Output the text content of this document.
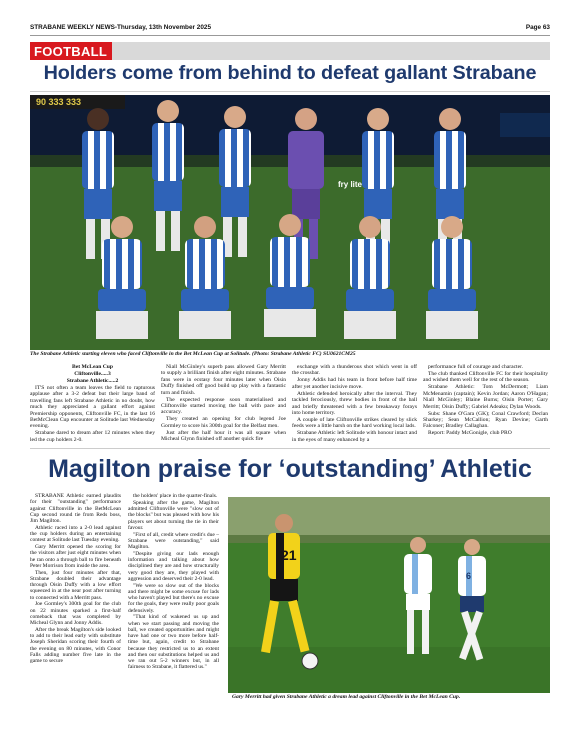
STRABANE WEEKLY NEWS-Thursday, 13th November 2025	Page 63
FOOTBALL
Holders come from behind to defeat gallant Strabane
90 333 333
fry lite
The Strabane Athletic starting eleven who faced Cliftonville in the Bet McLean Cup at Solitude. (Photo: Strabane Athletic FC) SU0621CM25

Bet McLean Cup

Cliftonville.....3

Strabane Athletic.....2

IT'S not often a team leaves the field to rapturous applause after a 3-2 defeat but their large band of travelling fans left Strabane Athletic in no doubt, how much they appreciated a gallant effort against Premiership opponents, Cliftonville FC, in the last 16 BetMcClean Cup encounter at Solitude last Wednesday evening.

Strabane dared to dream after 12 minutes when they led the cup holders 2-0.

Niall McGinley's superb pass allowed Gary Merritt to supply a brilliant finish after eight minutes. Strabane fans were in ecstasy four minutes later when Oisin Duffy finished off good build up play with a fantastic turn and finish.

The expected response soon materialised and Cliftonville started moving the ball with pace and accuracy.

They created an opening for club legend Joe Gormley to score his 300th goal for the Belfast men.

Just after the half hour it was all square when Micheal Glynn finished off another quick fire

exchange with a thunderous shot which went in off the crossbar.

Jonny Addis had his team in front before half time after yet another incisive move.

Athletic defended heroically after the interval. They tackled ferociously, threw bodies in front of the ball and briefly threatened with a few breakaway forays into home territory.

A couple of late Cliftonville strikes cleared by slick feeds were a little harsh on the hard working local lads.

Strabane Athletic left Solitude with honour intact and in the eyes of many enhanced by a

performance full of courage and character.

The club thanked Cliftonville FC for their hospitality and wished them well for the rest of the season.

Strabane Athletic: Tom McDermott; Liam McMenamin (captain); Kevin Jordan; Aaron O'Hagan; Niall McGinley; Blaine Burns; Oisin Porter; Gary Merritt; Oisin Duffy; Gabriel Adeaku; Dylan Woods.

Subs: Shane O'Gara (GK); Conal Crawford; Declan Sharkey; Sean McCallion; Ryan Devine; Garth Falconer; Bradley Callaghan.

Report: Paddy McGonigle, club PRO

Magilton praise for ‘outstanding’ Athletic

STRABANE Athletic earned plaudits for their "outstanding" performance against Cliftonville in the BetMcLean Cup second round tie from Reds boss, Jim Magilton.

Athletic raced into a 2-0 lead against the cup holders during an entertaining contest at Solitude last Tuesday evening.

Gary Merritt opened the scoring for the visitors after just eight minutes when he ran onto a through ball to fire beneath Peter Morrison from inside the area.

Then, just four minutes after that, Strabane doubled their advantage through Oisin Duffy with a low effort squeezed in at the near post after turning to connected with a Merritt pass.

Joe Gormley's 300th goal for the club on 22 minutes sparked a first-half comeback that was completed by Micheal Glynn and Jonny Addis.

After the break Magilton's side looked to add to their lead early with substitute Joseph Sheridan scoring their fourth of the evening on 80 minutes, with Conor Falls adding number five late in the game to secure

the holders' place in the quarter-finals.

Speaking after the game, Magilton admitted Cliftonville were "slow out of the blocks" but was pleased with how his players set about turning the tie in their favour.

"First of all, credit where credit's due – Strabane were outstanding," said Magilton.

"Despite giving our lads enough information and talking about how disciplined they are and how structurally very good they are, they played with aggression and deserved their 2-0 lead.

"We were so slow out of the blocks and there might be some excuse for lads who haven't played but there's no excuse for the goals, they were really poor goals defensively.

"That kind of wakened us up and when we start passing and moving the ball, we created opportunities and might have had one or two more before half-time but, again, credit to Strabane because they restricted us to an extent and then our substitutions helped us and we ran out 5-2 winners but, in all fairness to Strabane, it flattered us."

21
6
Gary Merritt had given Strabane Athletic a dream lead against Cliftonville in the Bet McLean Cup.
